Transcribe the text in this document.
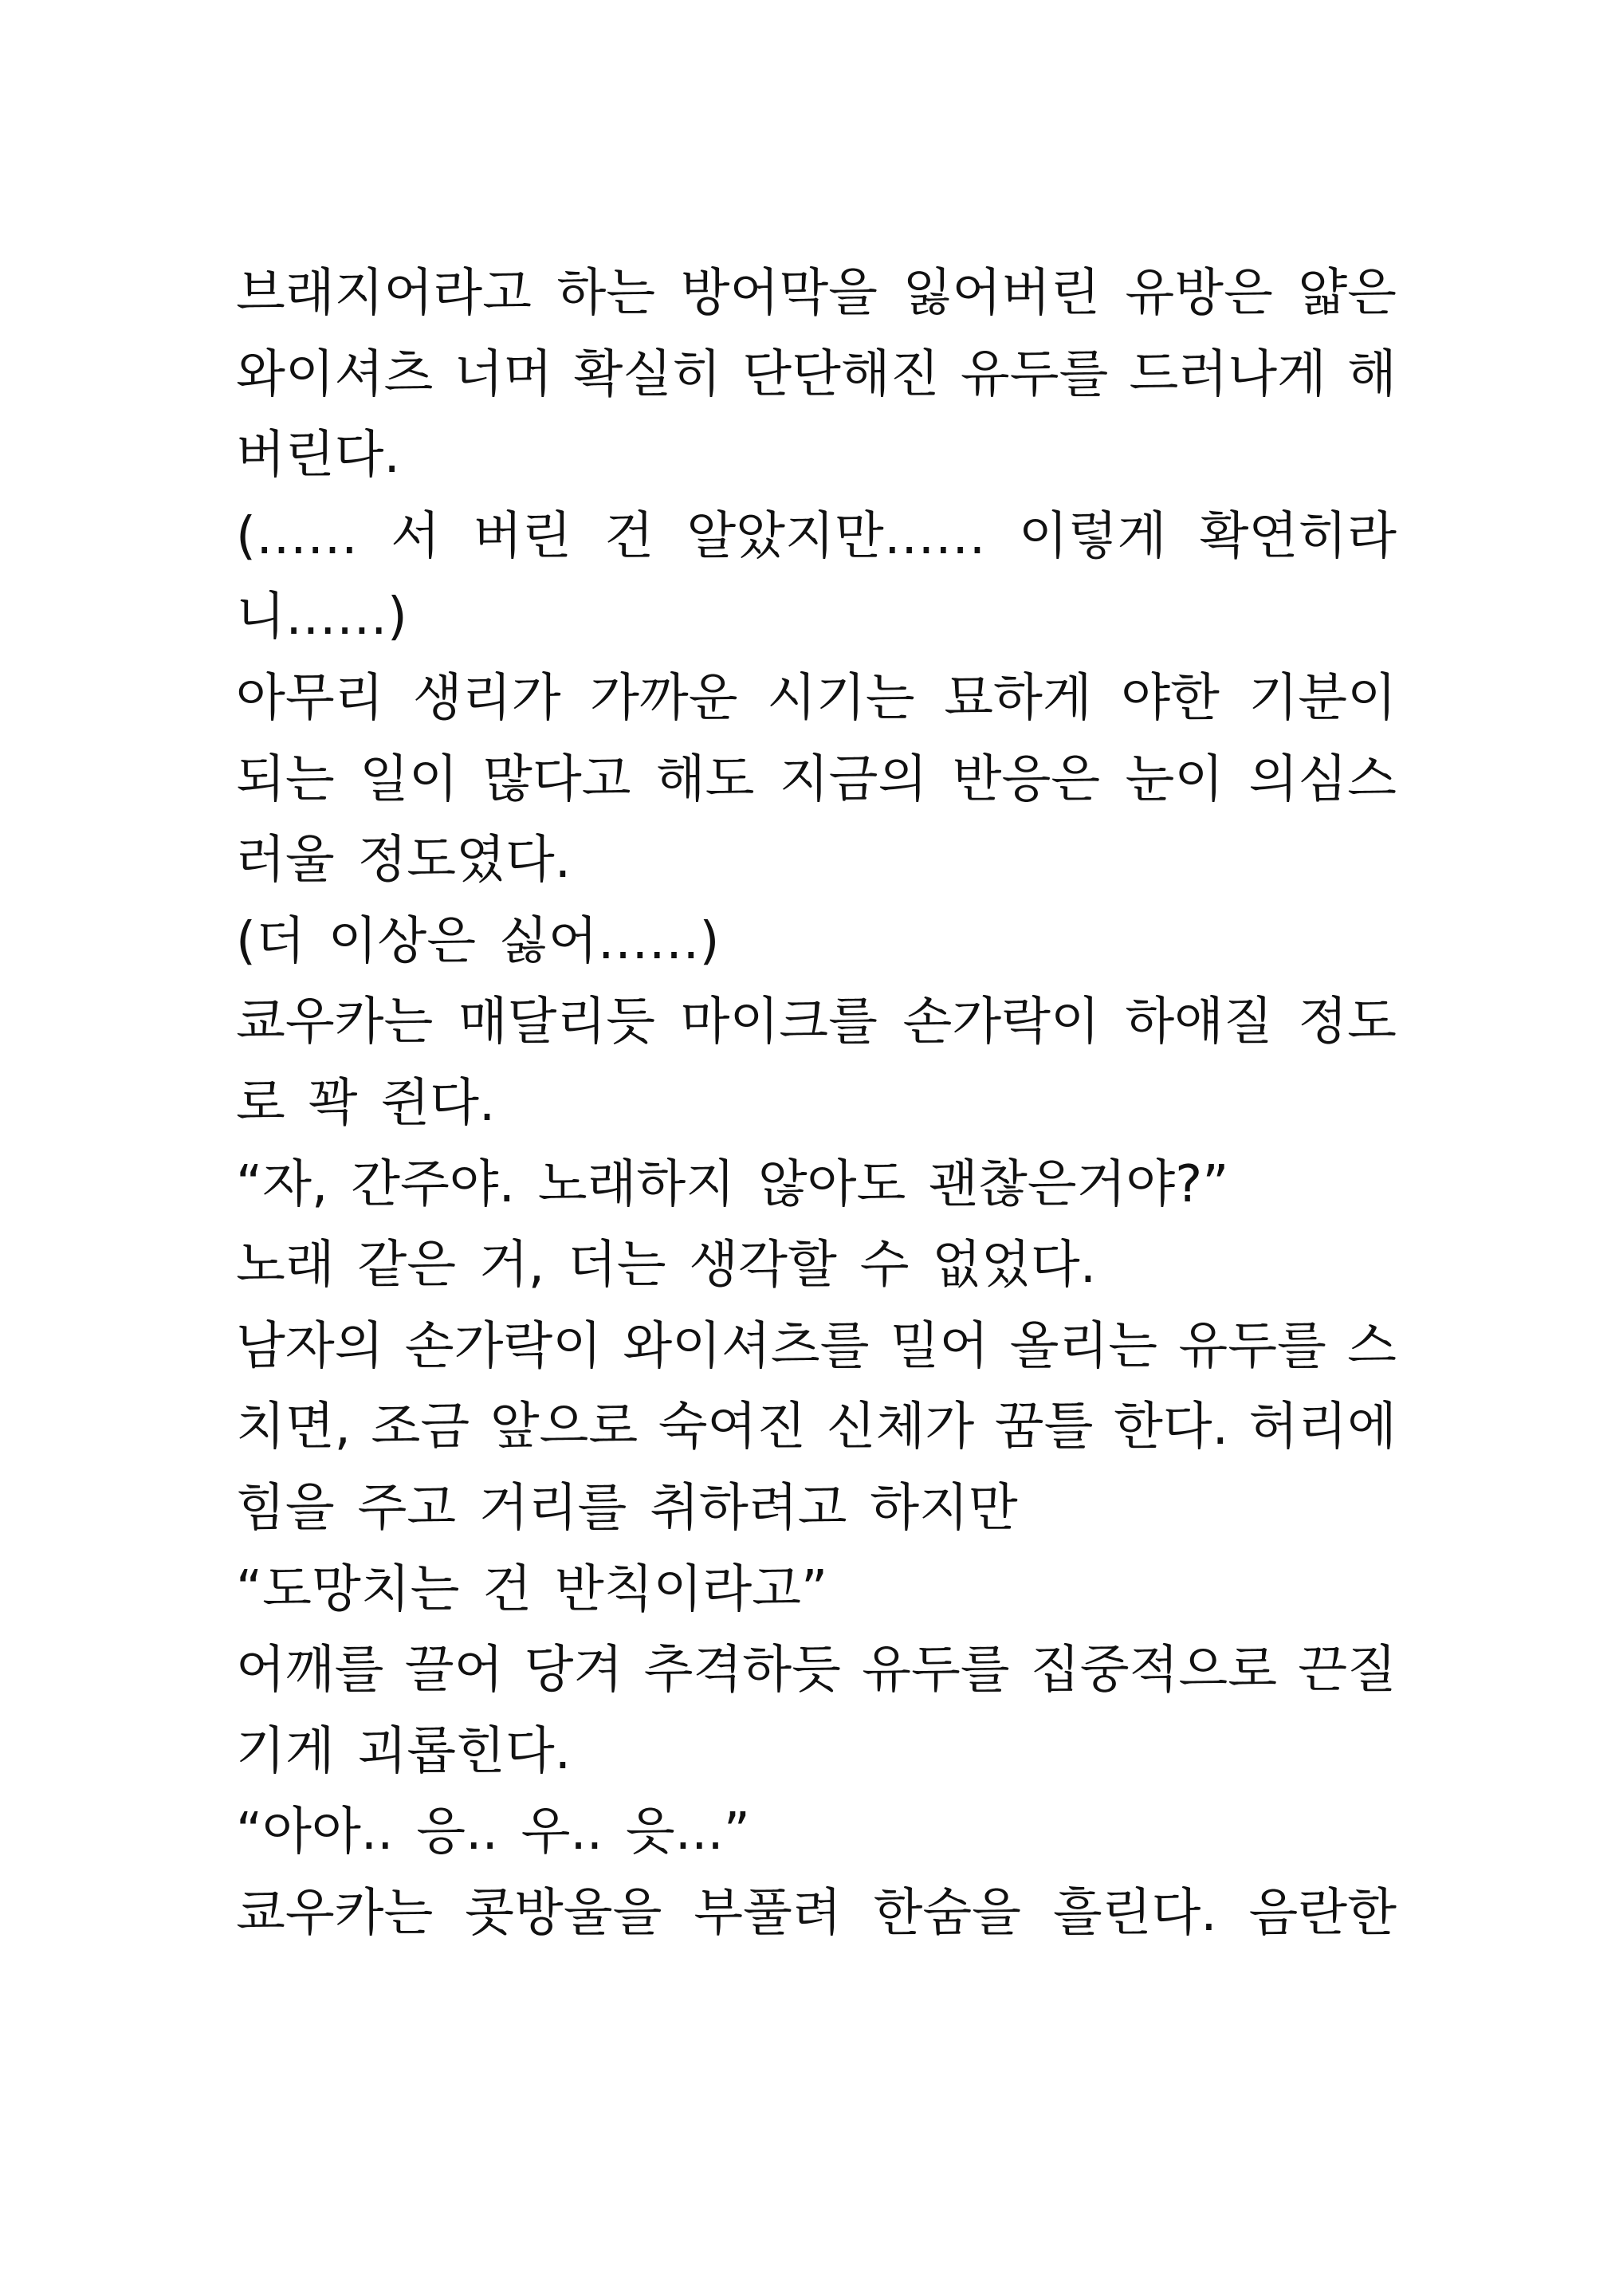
브래지어라고 하는 방어막을 잃어버린 유방은 얇은
와이셔츠 너머 확실히 단단해진 유두를 드러나게 해
버린다.
(…… 서 버린 건 알았지만…… 이렇게 확연히라
니……)
아무리 생리가 가까운 시기는 묘하게 야한 기분이
되는 일이 많다고 해도 지금의 반응은 눈이 의심스
러울 정도였다.
(더 이상은 싫어……)
쿄우카는 매달리듯 마이크를 손가락이 하얘질 정도
로 꽉 쥔다.
“자, 간주야. 노래하지 않아도 괜찮은거야?”
노래 같은 거, 더는 생각할 수 없었다.
남자의 손가락이 와이셔츠를 밀어 올리는 유두를 스
치면, 조금 앞으로 숙여진 신체가 꿈틀 한다. 허리에
힘을 주고 거리를 취하려고 하지만
“도망치는 건 반칙이라고”
어깨를 끌어 당겨 추격하듯 유두를 집중적으로 끈질
기게 괴롭힌다.
“아아.. 응.. 우.. 읏...”
쿄우카는 콧방울을 부풀려 한숨을 흘린다. 음란한
